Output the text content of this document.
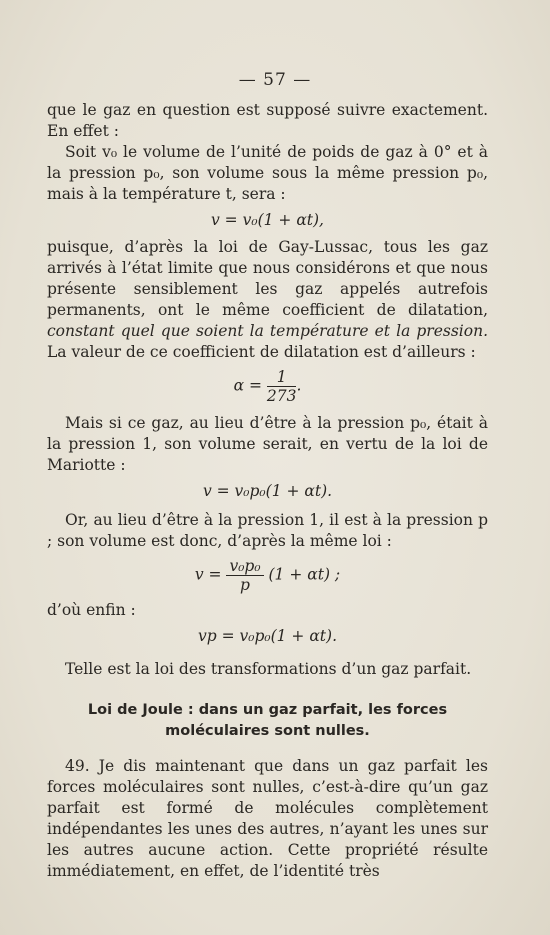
— 57 —

que le gaz en question est supposé suivre exactement. En effet :

Soit v₀ le volume de l’unité de poids de gaz à 0° et à la pression p₀, son volume sous la même pression p₀, mais à la température t, sera :

v = v₀(1 + αt),

puisque, d’après la loi de Gay-Lussac, tous les gaz arrivés à l’état limite que nous considérons et que nous présente sensiblement les gaz appelés autrefois permanents, ont le même coefficient de dilatation, constant quel que soient la température et la pression. La valeur de ce coefficient de dilatation est d’ailleurs :

$\alpha = \frac{1}{273}$ .

Mais si ce gaz, au lieu d’être à la pression p₀, était à la pression 1, son volume serait, en vertu de la loi de Mariotte :

v = v₀p₀(1 + αt).

Or, au lieu d’être à la pression 1, il est à la pression p ; son volume est donc, d’après la même loi :

$v = \frac{\text{v₀p₀}}{p} (1 + \alpha t)$ ;

d’où enfin :

vp = v₀p₀(1 + αt).

Telle est la loi des transformations d’un gaz parfait.

Loi de Joule : dans un gaz parfait, les forces moléculaires sont nulles.

49. Je dis maintenant que dans un gaz parfait les forces moléculaires sont nulles, c’est-à-dire qu’un gaz parfait est formé de molécules complètement indépendantes les unes des autres, n’ayant les unes sur les autres aucune action. Cette propriété résulte immédiatement, en effet, de l’identité très
